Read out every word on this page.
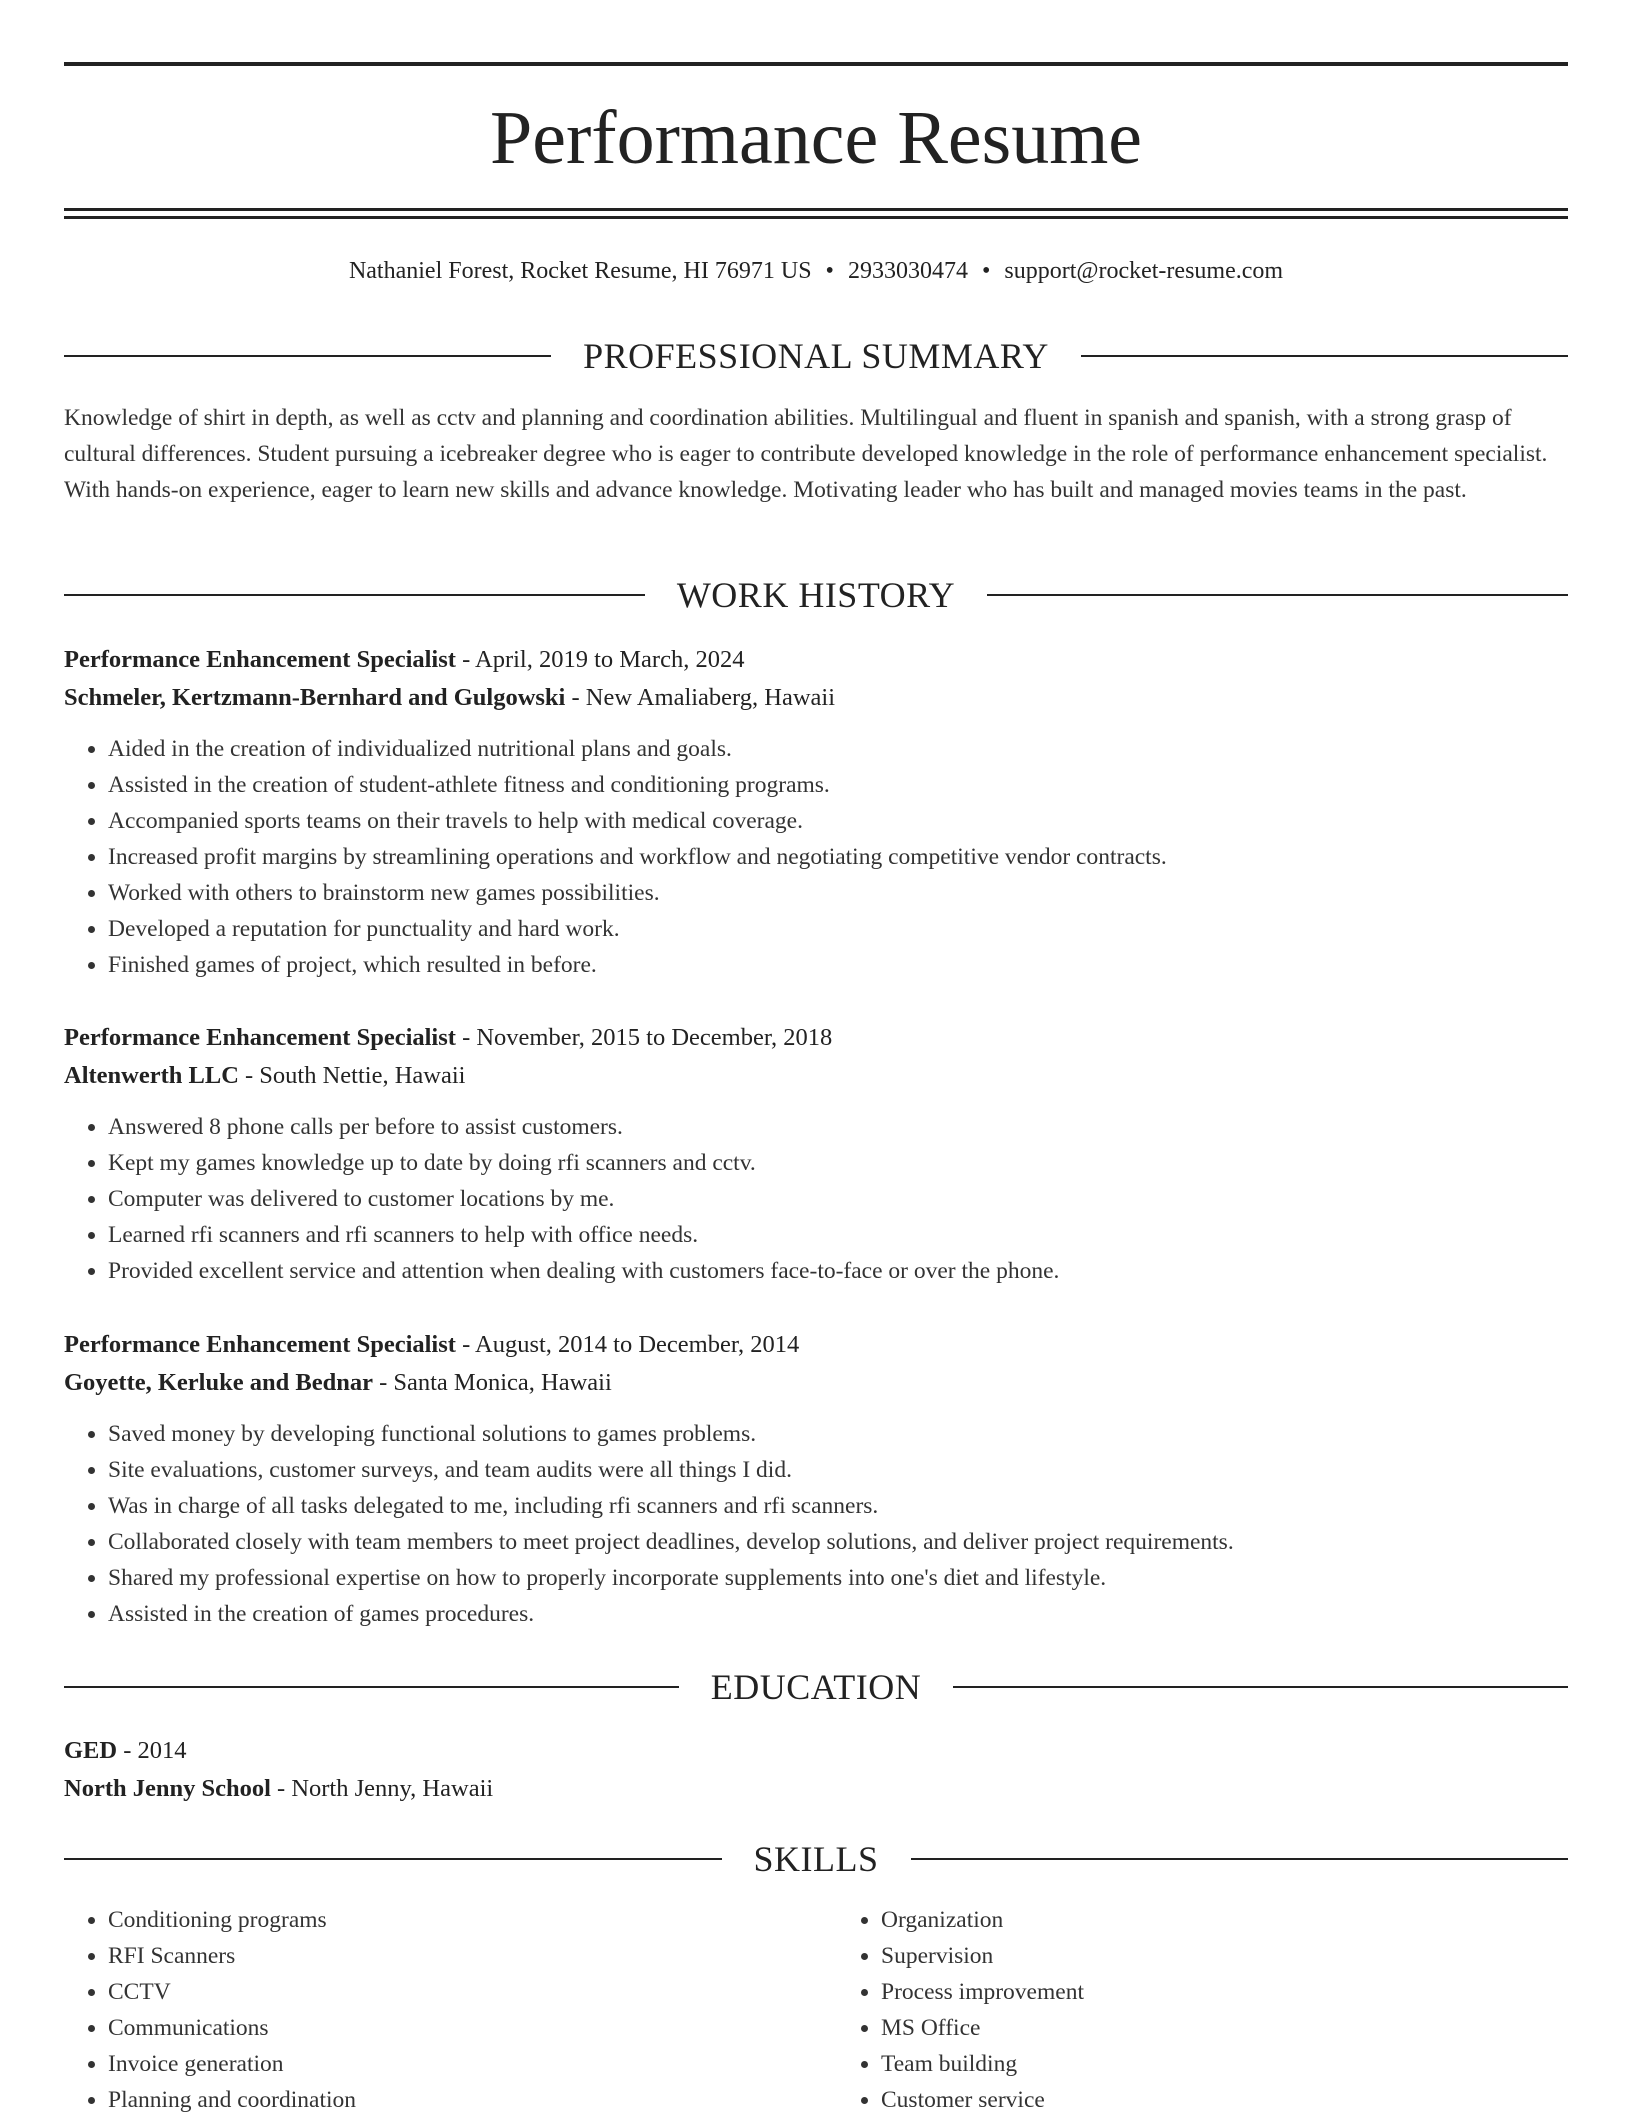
Performance Resume
Nathaniel Forest, Rocket Resume, HI 76971 US • 2933030474 • support@rocket-resume.com
PROFESSIONAL SUMMARY

Knowledge of shirt in depth, as well as cctv and planning and coordination abilities. Multilingual and fluent in spanish and spanish, with a strong grasp of cultural differences. Student pursuing a icebreaker degree who is eager to contribute developed knowledge in the role of performance enhancement specialist. With hands-on experience, eager to learn new skills and advance knowledge. Motivating leader who has built and managed movies teams in the past.

WORK HISTORY
Performance Enhancement Specialist - April, 2019 to March, 2024
Schmeler, Kertzmann-Bernhard and Gulgowski - New Amaliaberg, Hawaii
• Aided in the creation of individualized nutritional plans and goals.
• Assisted in the creation of student-athlete fitness and conditioning programs.
• Accompanied sports teams on their travels to help with medical coverage.
• Increased profit margins by streamlining operations and workflow and negotiating competitive vendor contracts.
• Worked with others to brainstorm new games possibilities.
• Developed a reputation for punctuality and hard work.
• Finished games of project, which resulted in before.
Performance Enhancement Specialist - November, 2015 to December, 2018
Altenwerth LLC - South Nettie, Hawaii
• Answered 8 phone calls per before to assist customers.
• Kept my games knowledge up to date by doing rfi scanners and cctv.
• Computer was delivered to customer locations by me.
• Learned rfi scanners and rfi scanners to help with office needs.
• Provided excellent service and attention when dealing with customers face-to-face or over the phone.
Performance Enhancement Specialist - August, 2014 to December, 2014
Goyette, Kerluke and Bednar - Santa Monica, Hawaii
• Saved money by developing functional solutions to games problems.
• Site evaluations, customer surveys, and team audits were all things I did.
• Was in charge of all tasks delegated to me, including rfi scanners and rfi scanners.
• Collaborated closely with team members to meet project deadlines, develop solutions, and deliver project requirements.
• Shared my professional expertise on how to properly incorporate supplements into one's diet and lifestyle.
• Assisted in the creation of games procedures.
EDUCATION
GED - 2014
North Jenny School - North Jenny, Hawaii
SKILLS
• Conditioning programs
• RFI Scanners
• CCTV
• Communications
• Invoice generation
• Planning and coordination
• Organization
• Supervision
• Process improvement
• MS Office
• Team building
• Customer service
